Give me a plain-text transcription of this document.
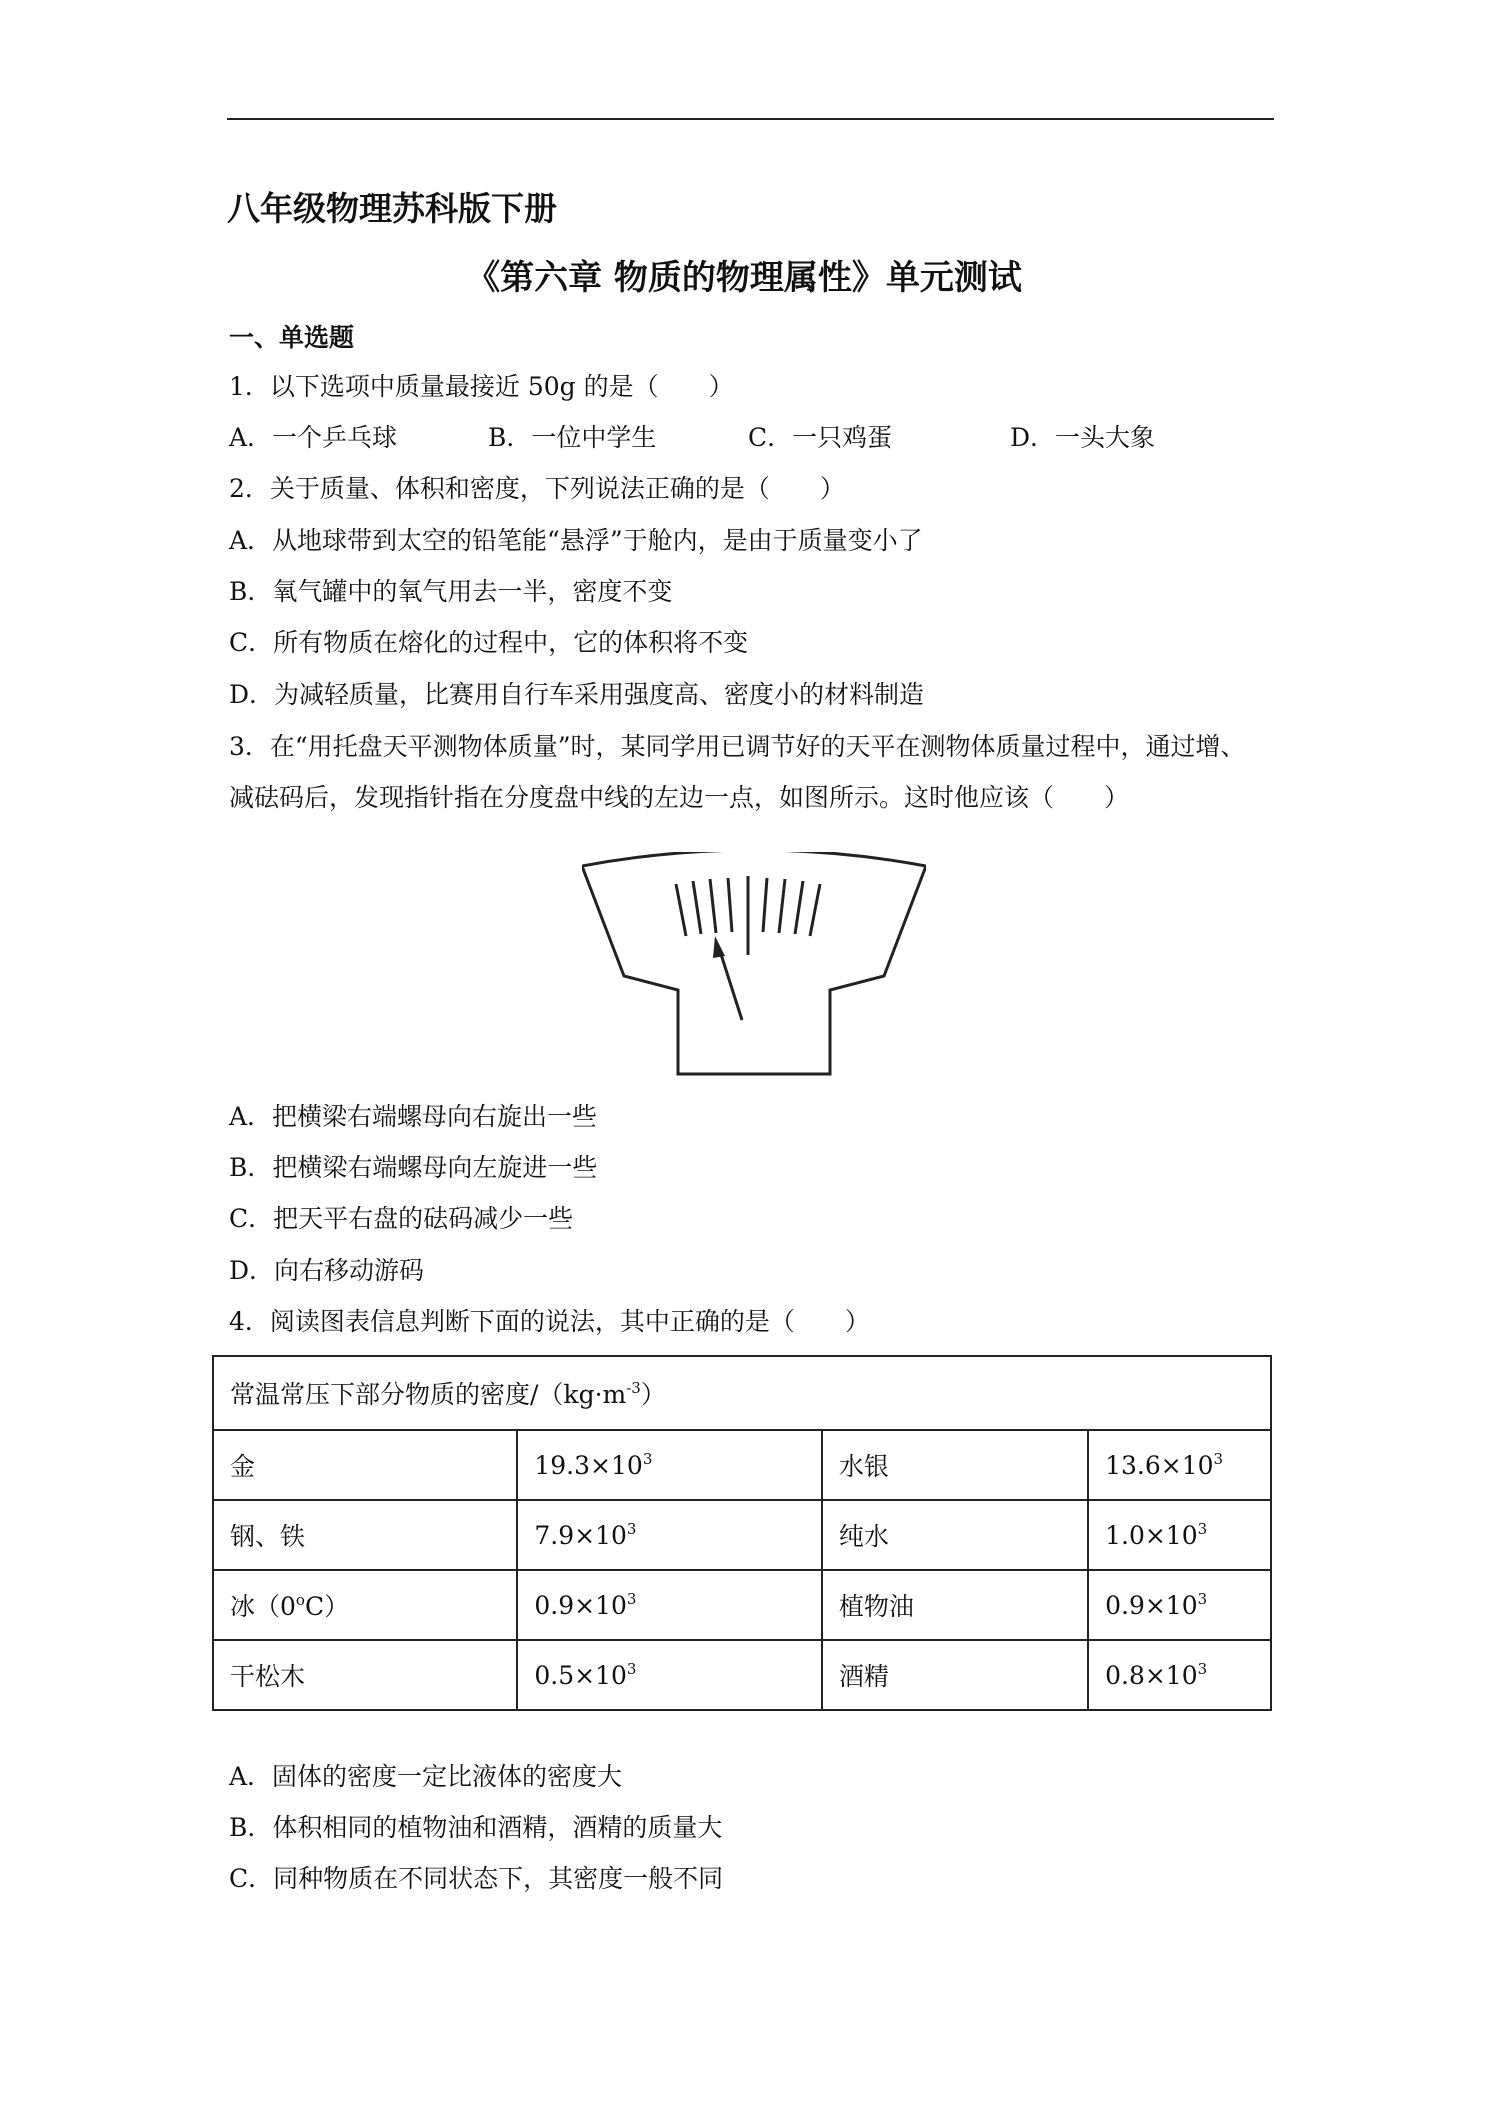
八年级物理苏科版下册
《第六章 物质的物理属性》单元测试
一、单选题
1．以下选项中质量最接近 50g 的是（　　）
A．一个乒乓球	B．一位中学生	C．一只鸡蛋	D．一头大象
2．关于质量、体积和密度，下列说法正确的是（　　）
A．从地球带到太空的铅笔能“悬浮”于舱内，是由于质量变小了
B．氧气罐中的氧气用去一半，密度不变
C．所有物质在熔化的过程中，它的体积将不变
D．为减轻质量，比赛用自行车采用强度高、密度小的材料制造
3．在“用托盘天平测物体质量”时，某同学用已调节好的天平在测物体质量过程中，通过增、
减砝码后，发现指针指在分度盘中线的左边一点，如图所示。这时他应该（　　）
A．把横梁右端螺母向右旋出一些
B．把横梁右端螺母向左旋进一些
C．把天平右盘的砝码减少一些
D．向右移动游码
4．阅读图表信息判断下面的说法，其中正确的是（　　）
常温常压下部分物质的密度$/(kg\cdot m^{-3})$			
金	$19.3\times 10^3$	水银	$13.6\times 10^3$
钢、铁	$7.9\times 10^3$	纯水	$1.0\times 10^3$
冰（0$^o$C）	$0.9\times 10^3$	植物油	$0.9\times 10^3$
干松木	$0.5\times 10^3$	酒精	$0.8\times 10^3$
A．固体的密度一定比液体的密度大
B．体积相同的植物油和酒精，酒精的质量大
C．同种物质在不同状态下，其密度一般不同
